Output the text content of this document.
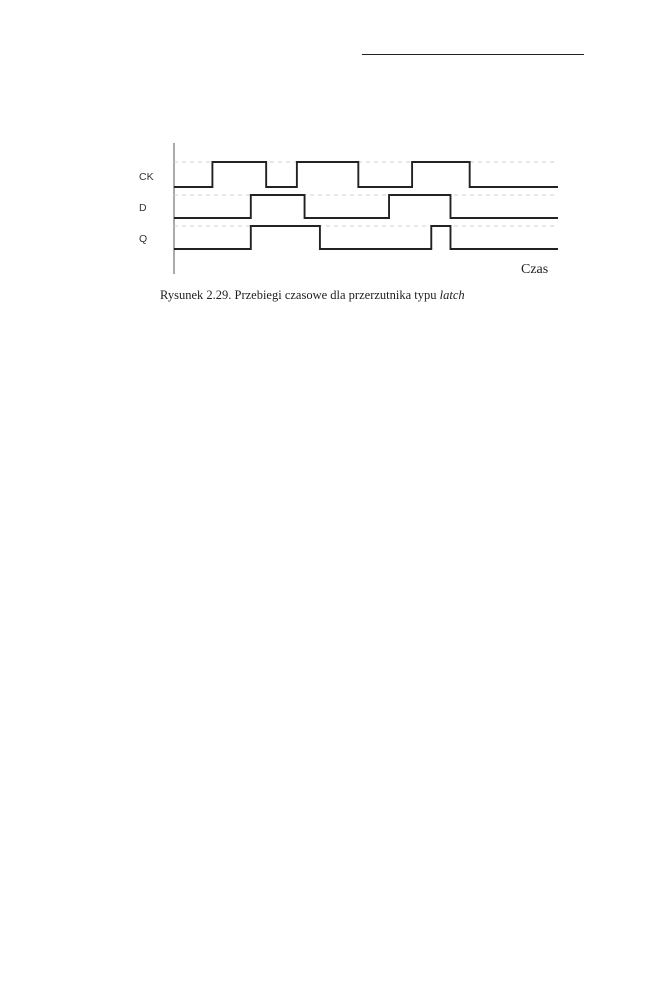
CK
D
Q
Czas
Rysunek 2.29. Przebiegi czasowe dla przerzutnika typu latch
